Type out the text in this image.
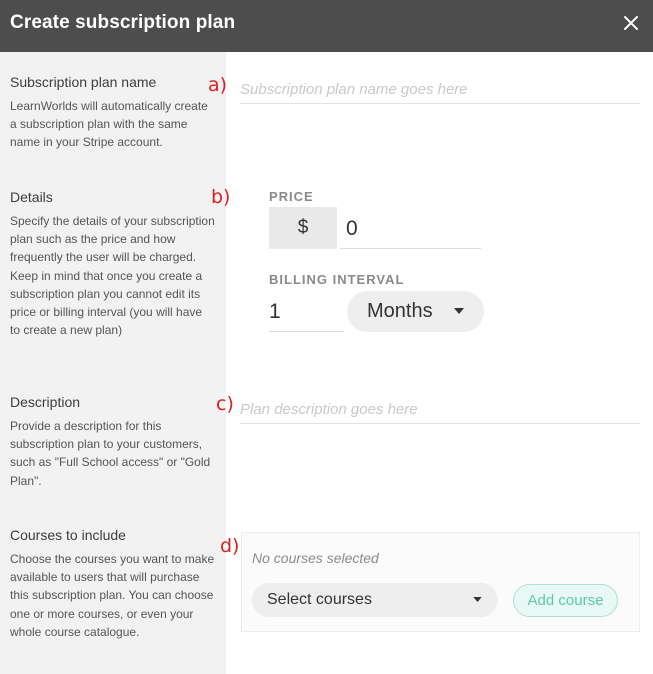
Create subscription plan
Subscription plan name
LearnWorlds will automatically create a subscription plan with the same name in your Stripe account.
a)
Subscription plan name goes here
Details
Specify the details of your subscription plan such as the price and how frequently the user will be charged. Keep in mind that once you create a subscription plan you cannot edit its price or billing interval (you will have to create a new plan)
b)	PRICE
$
0
BILLING INTERVAL
1
Months
Description
Provide a description for this subscription plan to your customers, such as "Full School access" or "Gold Plan".
c)
Plan description goes here
Courses to include
Choose the courses you want to make available to users that will purchase this subscription plan. You can choose one or more courses, or even your whole course catalogue.
d)
No courses selected
Select courses	Add course
